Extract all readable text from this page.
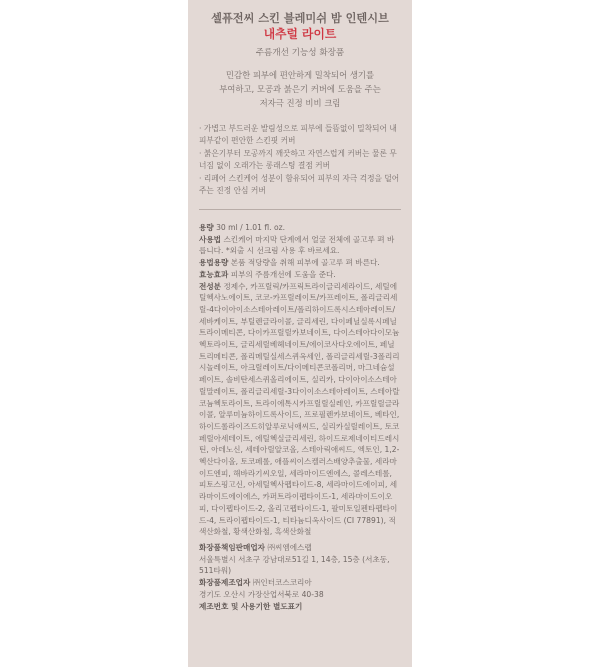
셀퓨전씨 스킨 블레미쉬 밤 인텐시브
내추럴 라이트
주름개선 기능성 화장품
민감한 피부에 편안하게 밀착되어 생기를
부여하고, 모공과 붉은기 커버에 도움을 주는
저자극 진정 비비 크림
· 가볍고 부드러운 발림성으로 피부에 들뜸없이 밀착되어 내 피부같이 편안한 스킨핏 커버
· 붉은기부터 모공까지 깨끗하고 자연스럽게 커버는 물론 무너짐 없이 오래가는 롱래스팅 결점 커버
· 리페어 스킨케어 성분이 함유되어 피부의 자극 걱정을 덜어주는 진정 안심 커버

용량 30 ml / 1.01 fl. oz.

사용법 스킨케어 마지막 단계에서 얼굴 전체에 골고루 펴 바릅니다. *외출 시 선크림 사용 후 바르세요.

용법용량 본품 적당량을 취해 피부에 골고루 펴 바른다.

효능효과 피부의 주름개선에 도움을 준다.

전성분 정제수, 카프릴릭/카프릭트라이글리세라이드, 세틸에틸헥사노에이트, 코코-카프릴레이트/카프레이트, 폴리글리세릴-4다이아이소스테아레이트/폴리하이드록시스테아레이트/세바케이트, 부틸렌글라이콜, 글리세린, 다이페닐실록시페닐트라이메티콘, 다이카프릴릴카보네이트, 다이스테아다이모늄헥토라이트, 글리세릴베헤네이트/에이코사다오에이트, 페닐트리메티콘, 폴리메틸실세스퀴옥세인, 폴리글리세릴-3폴리리시놀레이트, 아크릴레이트/다이메티콘코폴리머, 마그네슘설페이트, 솔비탄세스퀴올리에이트, 실리카, 다이아이소스테아릴말레이트, 폴리글리세릴-3다이이소스테아레이트, 스테아랄코늄헥토라이트, 트라이에톡시카프릴릴실레인, 카프릴릴글라이콜, 알루미늄하이드록사이드, 프로필렌카보네이트, 베타인, 하이드롤라이즈드히알루로닉애씨드, 실리카실릴레이트, 토코페릴아세테이트, 에틸헥실글리세린, 하이드로제네이티드레시틴, 아데노신, 세테아릴알코올, 스테아릭애씨드, 엑토인, 1,2-헥산다이올, 토코페롤, 애플씨이스켈러스배양추출물, 세라마이드엔피, 해바라기씨오일, 세라마이드엔에스, 콜레스테롤, 피토스핑고신, 아세틸헥사펩타이드-8, 세라마이드에이피, 세라마이드에이에스, 카퍼트라이펩타이드-1, 세라마이드이오피, 다이펩타이드-2, 올리고펩타이드-1, 팔미토일펜타펩타이드-4, 트라이펩타이드-1, 티타늄디옥사이드 (CI 77891), 적색산화철, 황색산화철, 흑색산화철

화장품책임판매업자 ㈜씨엠에스랩

서울특별시 서초구 강남대로51길 1, 14층, 15층 (서초동, 511타워)

화장품제조업자 ㈜인터코스코리아

경기도 오산시 가장산업서북로 40-38

제조번호 및 사용기한 별도표기
